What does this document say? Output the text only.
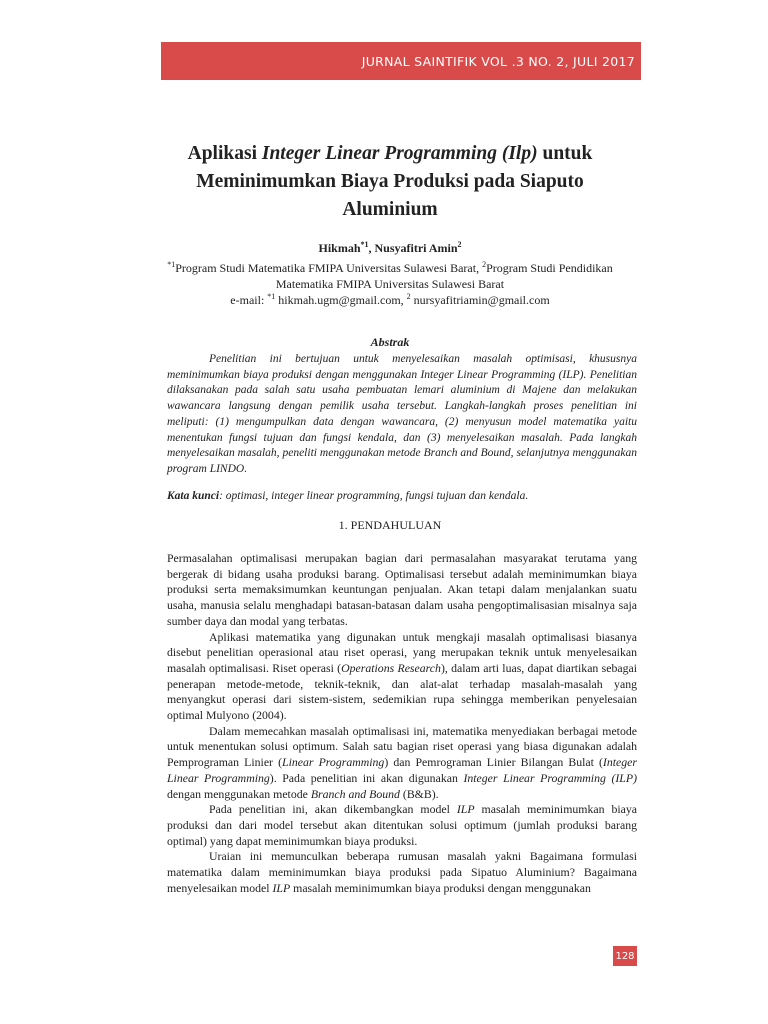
JURNAL SAINTIFIK VOL .3 NO. 2, JULI 2017
Aplikasi Integer Linear Programming (Ilp) untuk Meminimumkan Biaya Produksi pada Siaputo Aluminium
Hikmah$^{*1}$, Nusyafitri Amin$^2$
$^{*1}$Program Studi Matematika FMIPA Universitas Sulawesi Barat, $^2$Program Studi Pendidikan Matematika FMIPA Universitas Sulawesi Barat
e-mail: $^{*1}$ hikmah.ugm@gmail.com, $^2$ nursyafitriamin@gmail.com
Abstrak
Penelitian ini bertujuan untuk menyelesaikan masalah optimisasi, khususnya meminimumkan biaya produksi dengan menggunakan Integer Linear Programming (ILP). Penelitian dilaksanakan pada salah satu usaha pembuatan lemari aluminium di Majene dan melakukan wawancara langsung dengan pemilik usaha tersebut. Langkah-langkah proses penelitian ini meliputi: (1) mengumpulkan data dengan wawancara, (2) menyusun model matematika yaitu menentukan fungsi tujuan dan fungsi kendala, dan (3) menyelesaikan masalah. Pada langkah menyelesaikan masalah, peneliti menggunakan metode Branch and Bound, selanjutnya menggunakan program LINDO.
Kata kunci: optimasi, integer linear programming, fungsi tujuan dan kendala.
1. PENDAHULUAN

Permasalahan optimalisasi merupakan bagian dari permasalahan masyarakat terutama yang bergerak di bidang usaha produksi barang. Optimalisasi tersebut adalah meminimumkan biaya produksi serta memaksimumkan keuntungan penjualan. Akan tetapi dalam menjalankan suatu usaha, manusia selalu menghadapi batasan-batasan dalam usaha pengoptimalisasian misalnya saja sumber daya dan modal yang terbatas.

Aplikasi matematika yang digunakan untuk mengkaji masalah optimalisasi biasanya disebut penelitian operasional atau riset operasi, yang merupakan teknik untuk menyelesaikan masalah optimalisasi. Riset operasi (Operations Research), dalam arti luas, dapat diartikan sebagai penerapan metode-metode, teknik-teknik, dan alat-alat terhadap masalah-masalah yang menyangkut operasi dari sistem-sistem, sedemikian rupa sehingga memberikan penyelesaian optimal Mulyono (2004).

Dalam memecahkan masalah optimalisasi ini, matematika menyediakan berbagai metode untuk menentukan solusi optimum. Salah satu bagian riset operasi yang biasa digunakan adalah Pemprograman Linier (Linear Programming) dan Pemrograman Linier Bilangan Bulat (Integer Linear Programming). Pada penelitian ini akan digunakan Integer Linear Programming (ILP) dengan menggunakan metode Branch and Bound (B&B).

Pada penelitian ini, akan dikembangkan model ILP masalah meminimumkan biaya produksi dan dari model tersebut akan ditentukan solusi optimum (jumlah produksi barang optimal) yang dapat meminimumkan biaya produksi.

Uraian ini memunculkan beberapa rumusan masalah yakni Bagaimana formulasi matematika dalam meminimumkan biaya produksi pada Sipatuo Aluminium? Bagaimana menyelesaikan model ILP masalah meminimumkan biaya produksi dengan menggunakan

128
